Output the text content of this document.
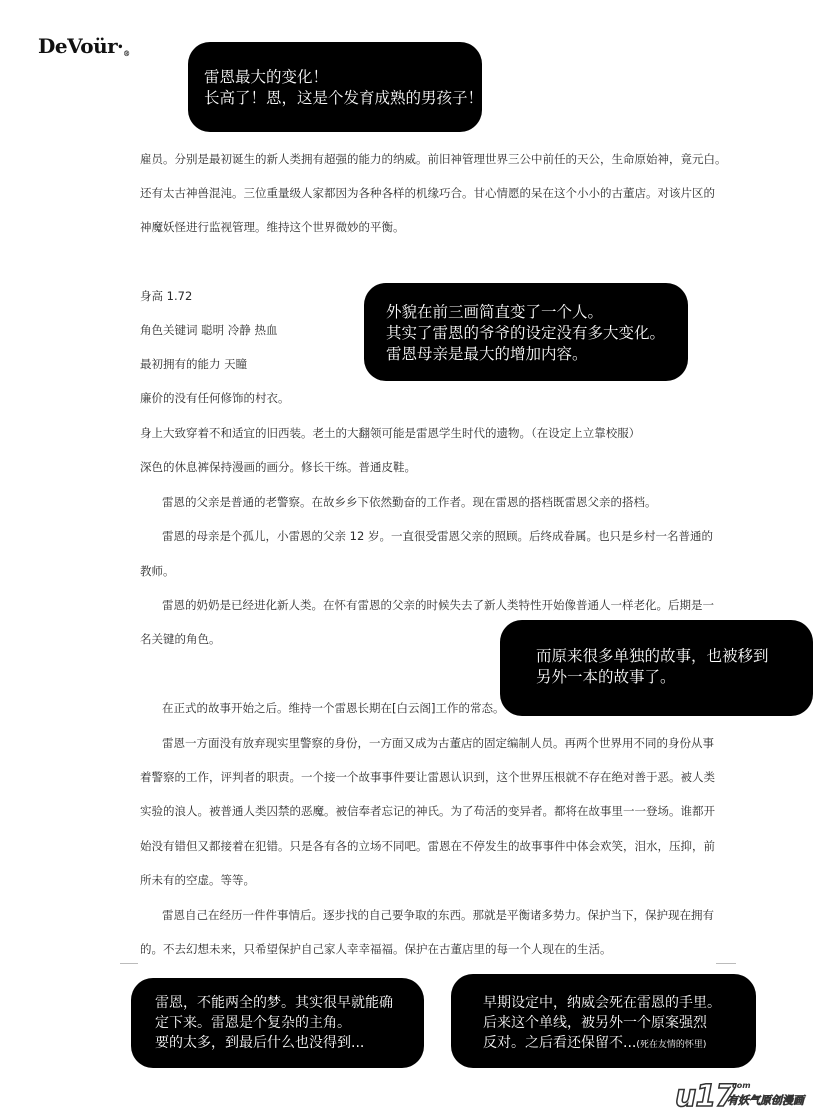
DeVoür•®
雷恩最大的变化！
长高了！恩，这是个发育成熟的男孩子！
雇员。分别是最初诞生的新人类拥有超强的能力的纳威。前旧神管理世界三公中前任的天公，生命原始神，竟元白。
还有太古神兽混沌。三位重量级人家都因为各种各样的机缘巧合。甘心情愿的呆在这个小小的古董店。对该片区的
神魔妖怪进行监视管理。维持这个世界微妙的平衡。
身高 1.72
角色关键词 聪明 冷静 热血
最初拥有的能力 天瞳
廉价的没有任何修饰的村衣。
身上大致穿着不和适宜的旧西装。老土的大翻领可能是雷恩学生时代的遗物。（在设定上立靠校服）
深色的休息裤保持漫画的画分。修长干练。普通皮鞋。
雷恩的父亲是普通的老警察。在故乡乡下依然勤奋的工作者。现在雷恩的搭档既雷恩父亲的搭档。
雷恩的母亲是个孤儿，小雷恩的父亲 12 岁。一直很受雷恩父亲的照顾。后终成眷属。也只是乡村一名普通的
教师。
雷恩的奶奶是已经进化新人类。在怀有雷恩的父亲的时候失去了新人类特性开始像普通人一样老化。后期是一
名关键的角色。
在正式的故事开始之后。维持一个雷恩长期在[白云阁]工作的常态。
雷恩一方面没有放弃现实里警察的身份，一方面又成为古董店的固定编制人员。再两个世界用不同的身份从事
着警察的工作，评判者的职责。一个接一个故事事件要让雷恩认识到，这个世界压根就不存在绝对善于恶。被人类
实验的浪人。被普通人类囚禁的恶魔。被信奉者忘记的神氏。为了苟活的变异者。都将在故事里一一登场。谁都开
始没有错但又都接着在犯错。只是各有各的立场不同吧。雷恩在不停发生的故事事件中体会欢笑，泪水，压抑，前
所未有的空虚。等等。
雷恩自己在经历一件件事情后。逐步找的自己要争取的东西。那就是平衡诸多势力。保护当下，保护现在拥有
的。不去幻想未来，只希望保护自己家人幸幸福福。保护在古董店里的每一个人现在的生活。
外貌在前三画简直变了一个人。
其实了雷恩的爷爷的设定没有多大变化。
雷恩母亲是最大的增加内容。
而原来很多单独的故事，也被移到
另外一本的故事了。
雷恩，不能两全的梦。其实很早就能确
定下来。雷恩是个复杂的主角。
要的太多，到最后什么也没得到...
早期设定中，纳威会死在雷恩的手里。
后来这个单线，被另外一个原案强烈
反对。之后看还保留不...(死在友情的怀里)
u17
.com
有妖气原创漫画
